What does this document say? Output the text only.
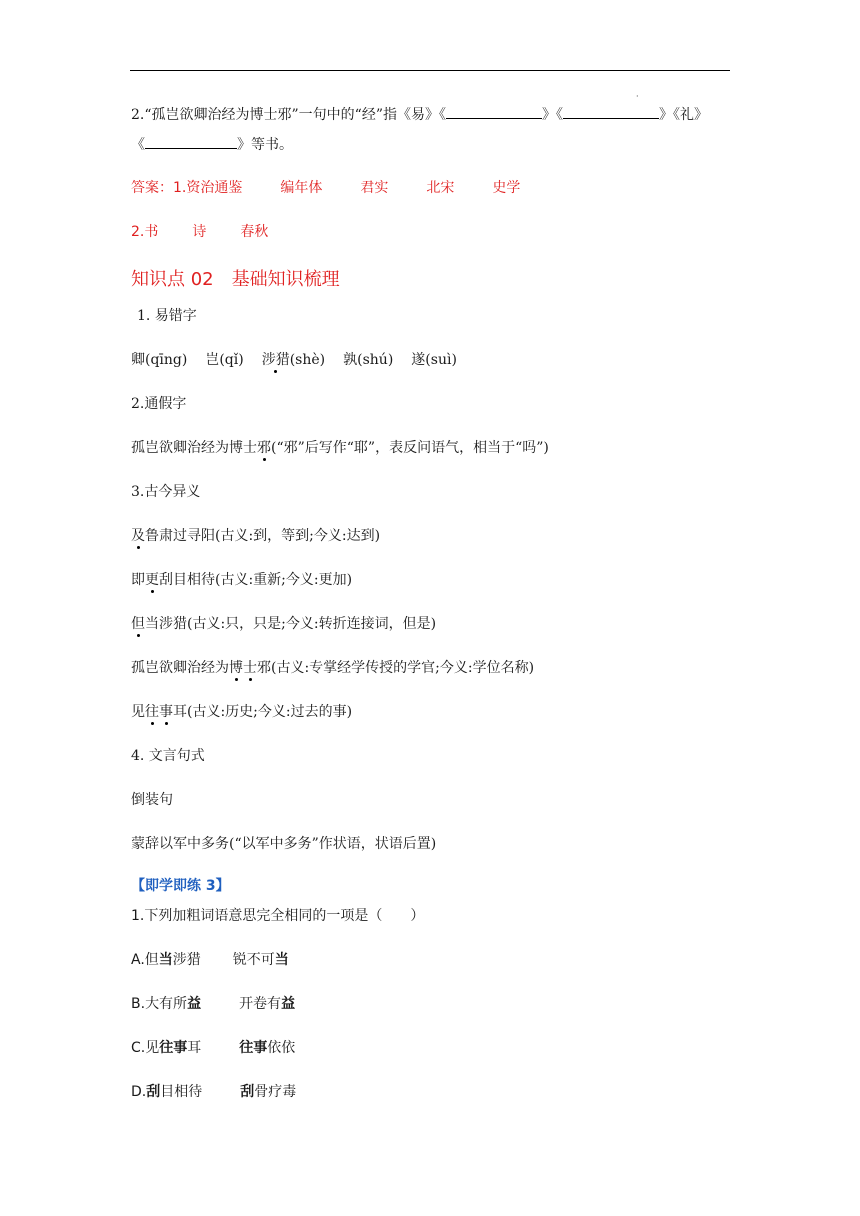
·
2.“孤岂欲卿治经为博士邪”一句中的“经”指《易》《	》《	》《礼》
《	》等书。
答案：1.资治通鉴	编年体	君实	北宋	史学
2.书 诗 春秋
知识点 02　基础知识梳理
1. 易错字
卿(qīng) 岂(qǐ) 涉猎(shè) 孰(shú) 遂(suì)
2.通假字
孤岂欲卿治经为博士邪(“邪”后写作“耶”，表反问语气，相当于“吗”)
3.古今异义
及鲁肃过寻阳(古义:到，等到;今义:达到)
即更刮目相待(古义:重新;今义:更加)
但当涉猎(古义:只，只是;今义:转折连接词，但是)
孤岂欲卿治经为博士邪(古义:专掌经学传授的学官;今义:学位名称)
见往事耳(古义:历史;今义:过去的事)
4. 文言句式
倒装句
蒙辞以军中多务(“以军中多务”作状语，状语后置)
【即学即练 3】
1.下列加粗词语意思完全相同的一项是（　　）
A.但当涉猎 锐不可当
B.大有所益	开卷有益
C.见往事耳	往事依依
D.刮目相待	刮骨疗毒
